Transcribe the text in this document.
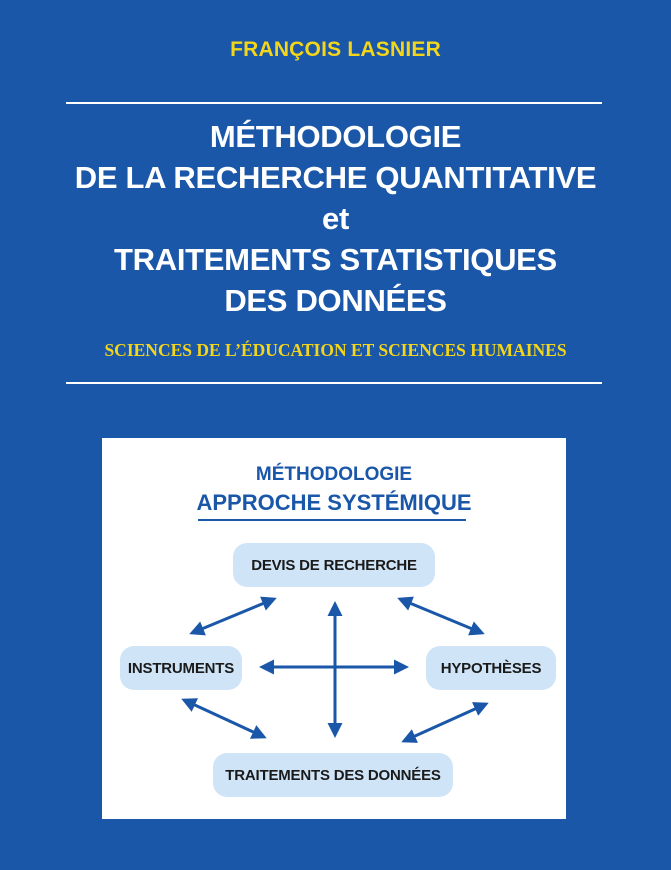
FRANÇOIS LASNIER
MÉTHODOLOGIE
DE LA RECHERCHE QUANTITATIVE
et
TRAITEMENTS STATISTIQUES
DES DONNÉES
SCIENCES DE L’ÉDUCATION ET SCIENCES HUMAINES
MÉTHODOLOGIE
APPROCHE SYSTÉMIQUE
DEVIS DE RECHERCHE
INSTRUMENTS	HYPOTHÈSES
TRAITEMENTS DES DONNÉES
